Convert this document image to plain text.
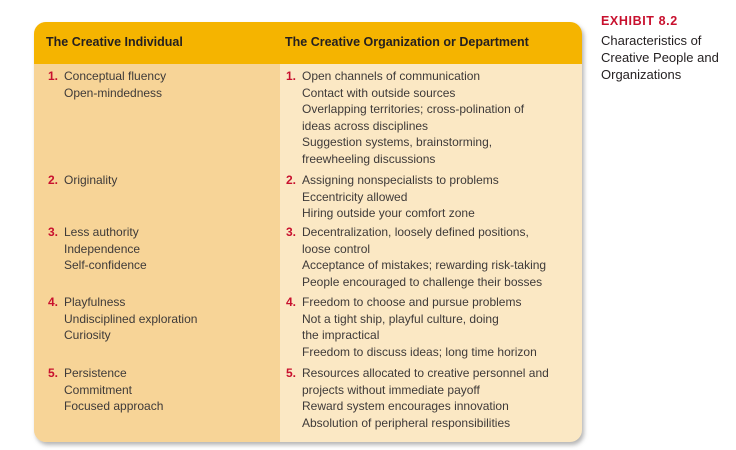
The Creative Individual	The Creative Organization or Department
1. Conceptual fluency
Open-mindedness
2. Originality
3. Less authority
Independence
Self-confidence
4. Playfulness
Undisciplined exploration
Curiosity
5. Persistence
Commitment
Focused approach
1. Open channels of communication
Contact with outside sources
Overlapping territories; cross-polination of
ideas across disciplines
Suggestion systems, brainstorming,
freewheeling discussions
2. Assigning nonspecialists to problems
Eccentricity allowed
Hiring outside your comfort zone
3. Decentralization, loosely defined positions,
loose control
Acceptance of mistakes; rewarding risk-taking
People encouraged to challenge their bosses
4. Freedom to choose and pursue problems
Not a tight ship, playful culture, doing
the impractical
Freedom to discuss ideas; long time horizon
5. Resources allocated to creative personnel and
projects without immediate payoff
Reward system encourages innovation
Absolution of peripheral responsibilities
EXHIBIT 8.2
Characteristics of
Creative People and
Organizations
